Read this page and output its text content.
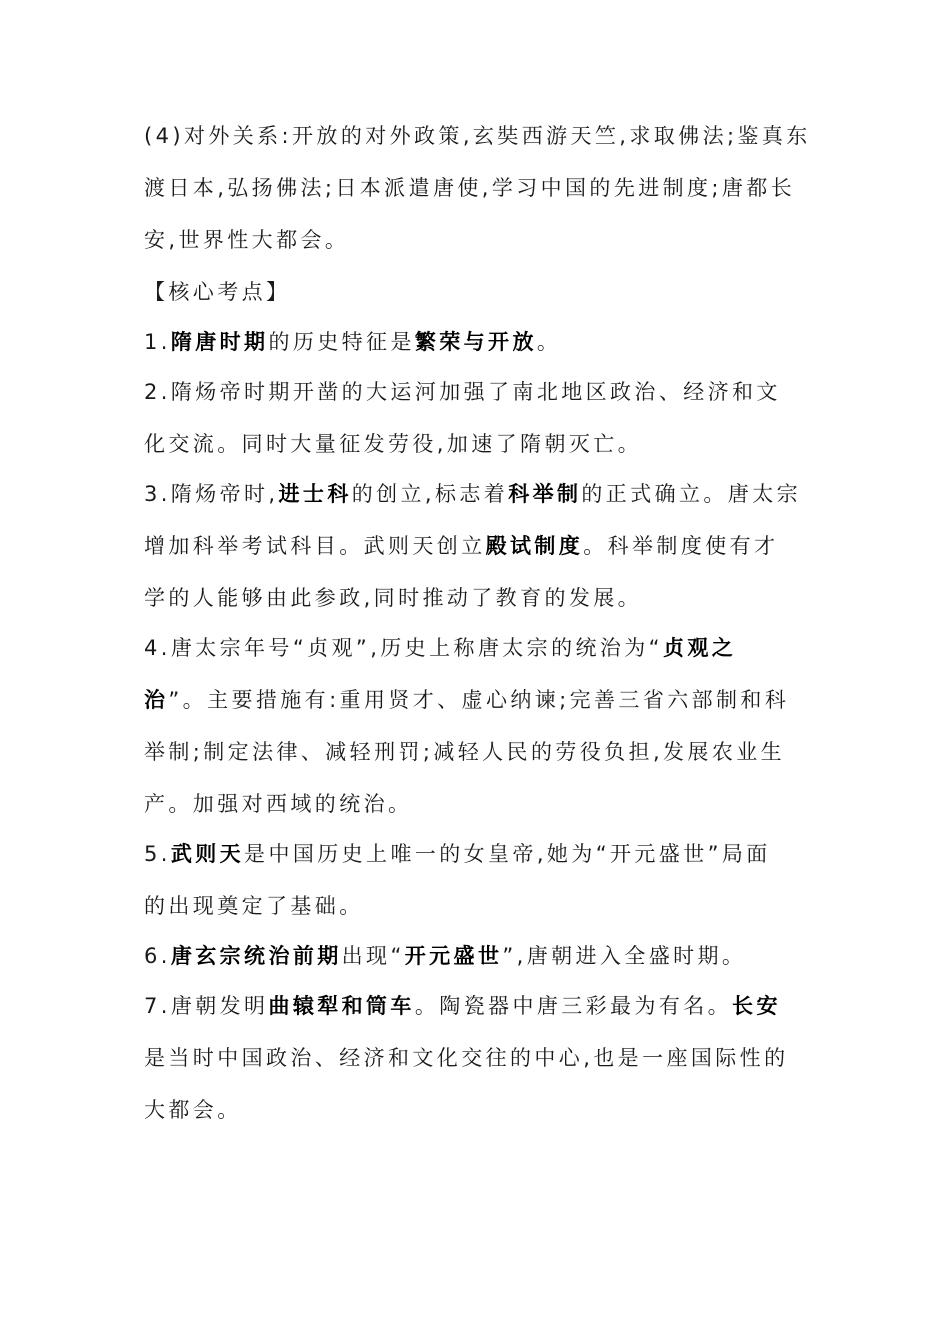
(4)对外关系:开放的对外政策,玄奘西游天竺,求取佛法;鉴真东
渡日本,弘扬佛法;日本派遣唐使,学习中国的先进制度;唐都长
安,世界性大都会。
【核心考点】
1.隋唐时期的历史特征是繁荣与开放。
2.隋炀帝时期开凿的大运河加强了南北地区政治、经济和文
化交流。同时大量征发劳役,加速了隋朝灭亡。
3.隋炀帝时,进士科的创立,标志着科举制的正式确立。唐太宗
增加科举考试科目。武则天创立殿试制度。科举制度使有才
学的人能够由此参政,同时推动了教育的发展。
4.唐太宗年号“贞观”,历史上称唐太宗的统治为“贞观之
治”。主要措施有:重用贤才、虚心纳谏;完善三省六部制和科
举制;制定法律、减轻刑罚;减轻人民的劳役负担,发展农业生
产。加强对西域的统治。
5.武则天是中国历史上唯一的女皇帝,她为“开元盛世”局面
的出现奠定了基础。
6.唐玄宗统治前期出现“开元盛世”,唐朝进入全盛时期。
7.唐朝发明曲辕犁和筒车。陶瓷器中唐三彩最为有名。长安
是当时中国政治、经济和文化交往的中心,也是一座国际性的
大都会。
